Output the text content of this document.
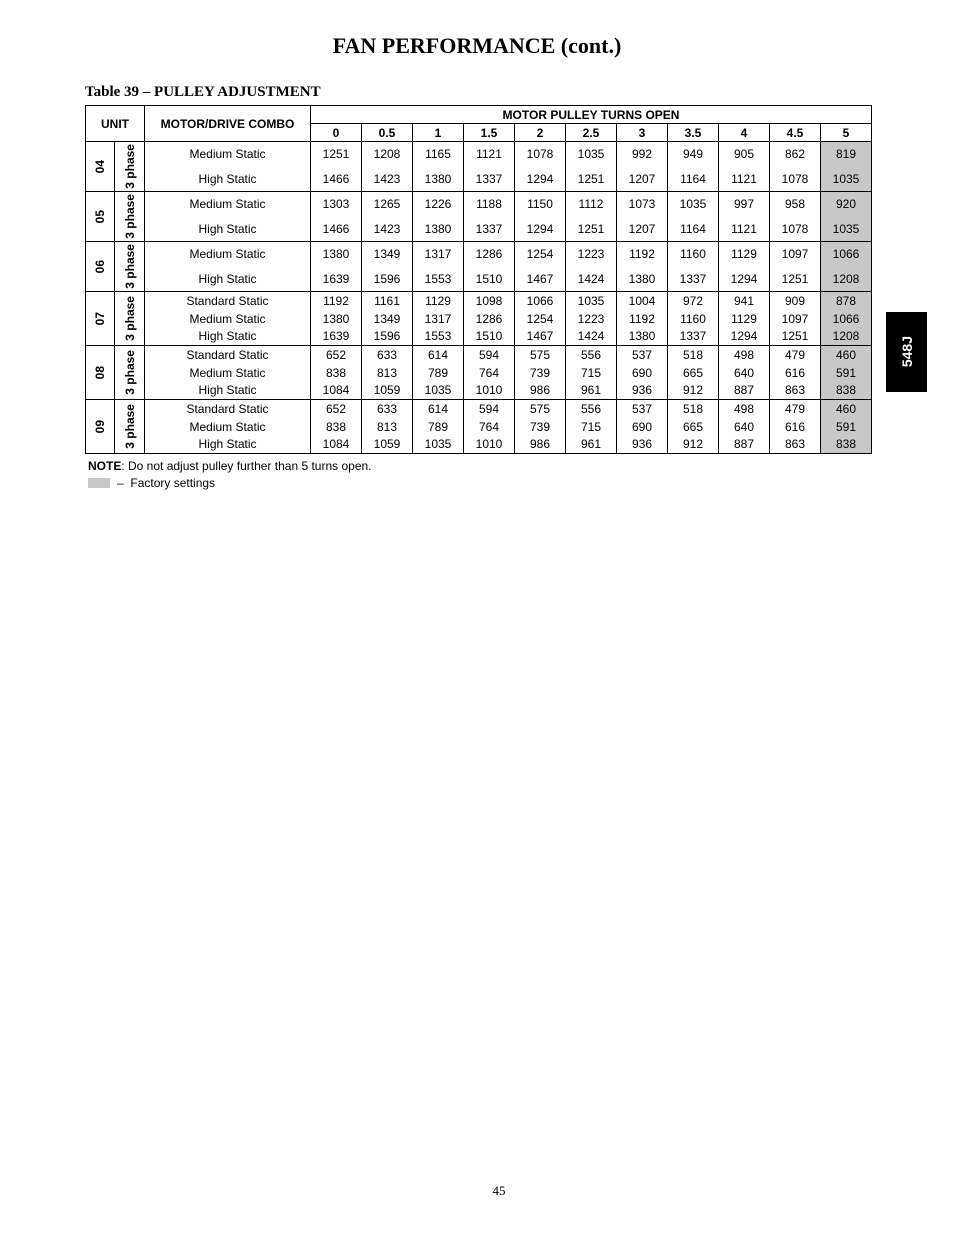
FAN PERFORMANCE (cont.)
Table 39 – PULLEY ADJUSTMENT
UNIT		MOTOR/DRIVE COMBO	MOTOR PULLEY TURNS OPEN										
			0	0.5	1	1.5	2	2.5	3	3.5	4	4.5	5

04	3 phase	Medium Static	1251	1208	1165	1121	1078	1035	992	949	905	862	819
		High Static	1466	1423	1380	1337	1294	1251	1207	1164	1121	1078	1035

05	3 phase	Medium Static	1303	1265	1226	1188	1150	1112	1073	1035	997	958	920
		High Static	1466	1423	1380	1337	1294	1251	1207	1164	1121	1078	1035

06	3 phase	Medium Static	1380	1349	1317	1286	1254	1223	1192	1160	1129	1097	1066
		High Static	1639	1596	1553	1510	1467	1424	1380	1337	1294	1251	1208

07	3 phase	Standard Static	1192	1161	1129	1098	1066	1035	1004	972	941	909	878
		Medium Static	1380	1349	1317	1286	1254	1223	1192	1160	1129	1097	1066
		High Static	1639	1596	1553	1510	1467	1424	1380	1337	1294	1251	1208

08	3 phase	Standard Static	652	633	614	594	575	556	537	518	498	479	460
		Medium Static	838	813	789	764	739	715	690	665	640	616	591
		High Static	1084	1059	1035	1010	986	961	936	912	887	863	838

09	3 phase	Standard Static	652	633	614	594	575	556	537	518	498	479	460
		Medium Static	838	813	789	764	739	715	690	665	640	616	591
		High Static	1084	1059	1035	1010	986	961	936	912	887	863	838
NOTE: Do not adjust pulley further than 5 turns open.
–
Factory settings
548J
45
